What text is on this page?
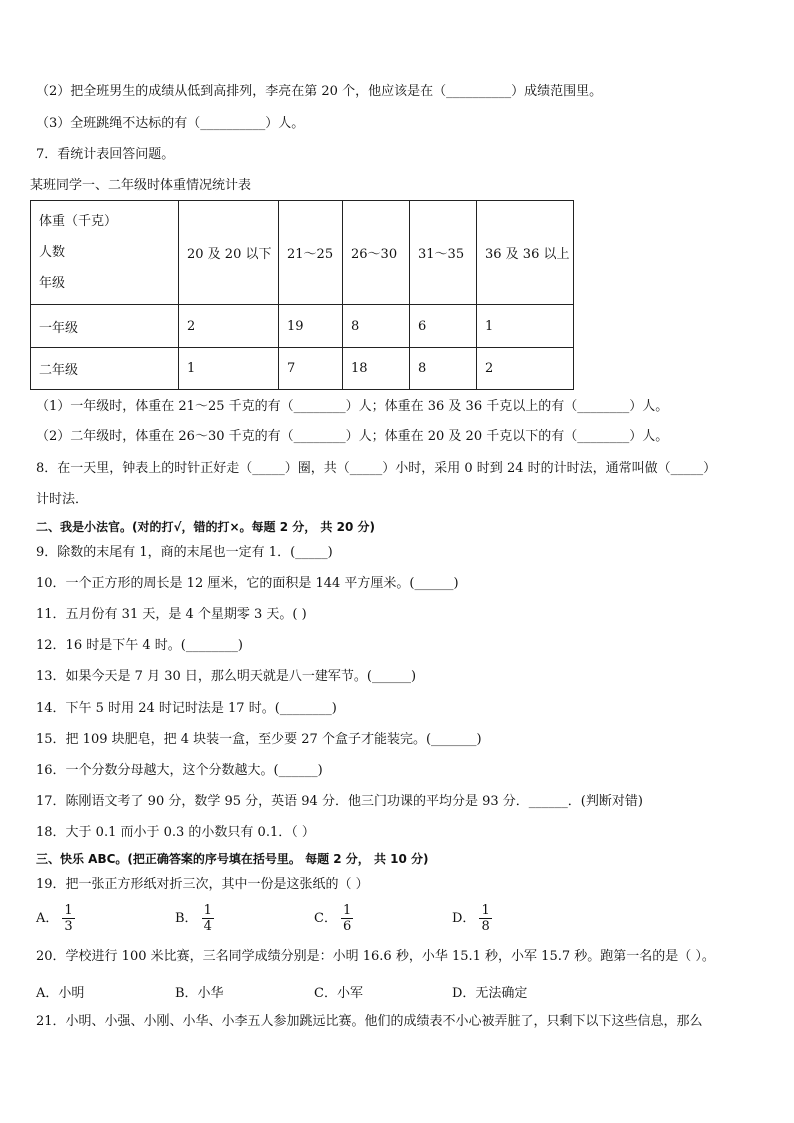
（2）把全班男生的成绩从低到高排列，李亮在第 20 个，他应该是在（__________）成绩范围里。
（3）全班跳绳不达标的有（__________）人。
7．看统计表回答问题。
某班同学一、二年级时体重情况统计表
体重（千克）
人数
年级	20 及 20 以下	21～25	26～30	31～35	36 及 36 以上
一年级	2	19	8	6	1
二年级	1	7	18	8	2
（1）一年级时，体重在 21～25 千克的有（________）人；体重在 36 及 36 千克以上的有（________）人。
（2）二年级时，体重在 26～30 千克的有（________）人；体重在 20 及 20 千克以下的有（________）人。
8．在一天里，钟表上的时针正好走（_____）圈，共（_____）小时，采用 0 时到 24 时的计时法，通常叫做（_____）
计时法．
二、我是小法官。(对的打√，错的打×。每题 2 分， 共 20 分)
9．除数的末尾有 1，商的末尾也一定有 1．(_____)
10．一个正方形的周长是 12 厘米，它的面积是 144 平方厘米。(______)
11．五月份有 31 天，是 4 个星期零 3 天。( )
12．16 时是下午 4 时。(________)
13．如果今天是 7 月 30 日，那么明天就是八一建军节。(______)
14．下午 5 时用 24 时记时法是 17 时。(________)
15．把 109 块肥皂，把 4 块装一盒，至少要 27 个盒子才能装完。(_______)
16．一个分数分母越大，这个分数越大。(______)
17．陈刚语文考了 90 分，数学 95 分，英语 94 分．他三门功课的平均分是 93 分．______．(判断对错)
18．大于 0.1 而小于 0.3 的小数只有 0.1．（ ）
三、快乐 ABC。(把正确答案的序号填在括号里。 每题 2 分， 共 10 分)
19．把一张正方形纸对折三次，其中一份是这张纸的（ ）
A． $\frac{1}{3}$	B． $\frac{1}{4}$	C． $\frac{1}{6}$	D． $\frac{1}{8}$
20．学校进行 100 米比赛，三名同学成绩分别是：小明 16.6 秒，小华 15.1 秒，小军 15.7 秒。跑第一名的是（ ）。
A．小明	B．小华	C．小军	D．无法确定
21．小明、小强、小刚、小华、小李五人参加跳远比赛。他们的成绩表不小心被弄脏了，只剩下以下这些信息，那么
